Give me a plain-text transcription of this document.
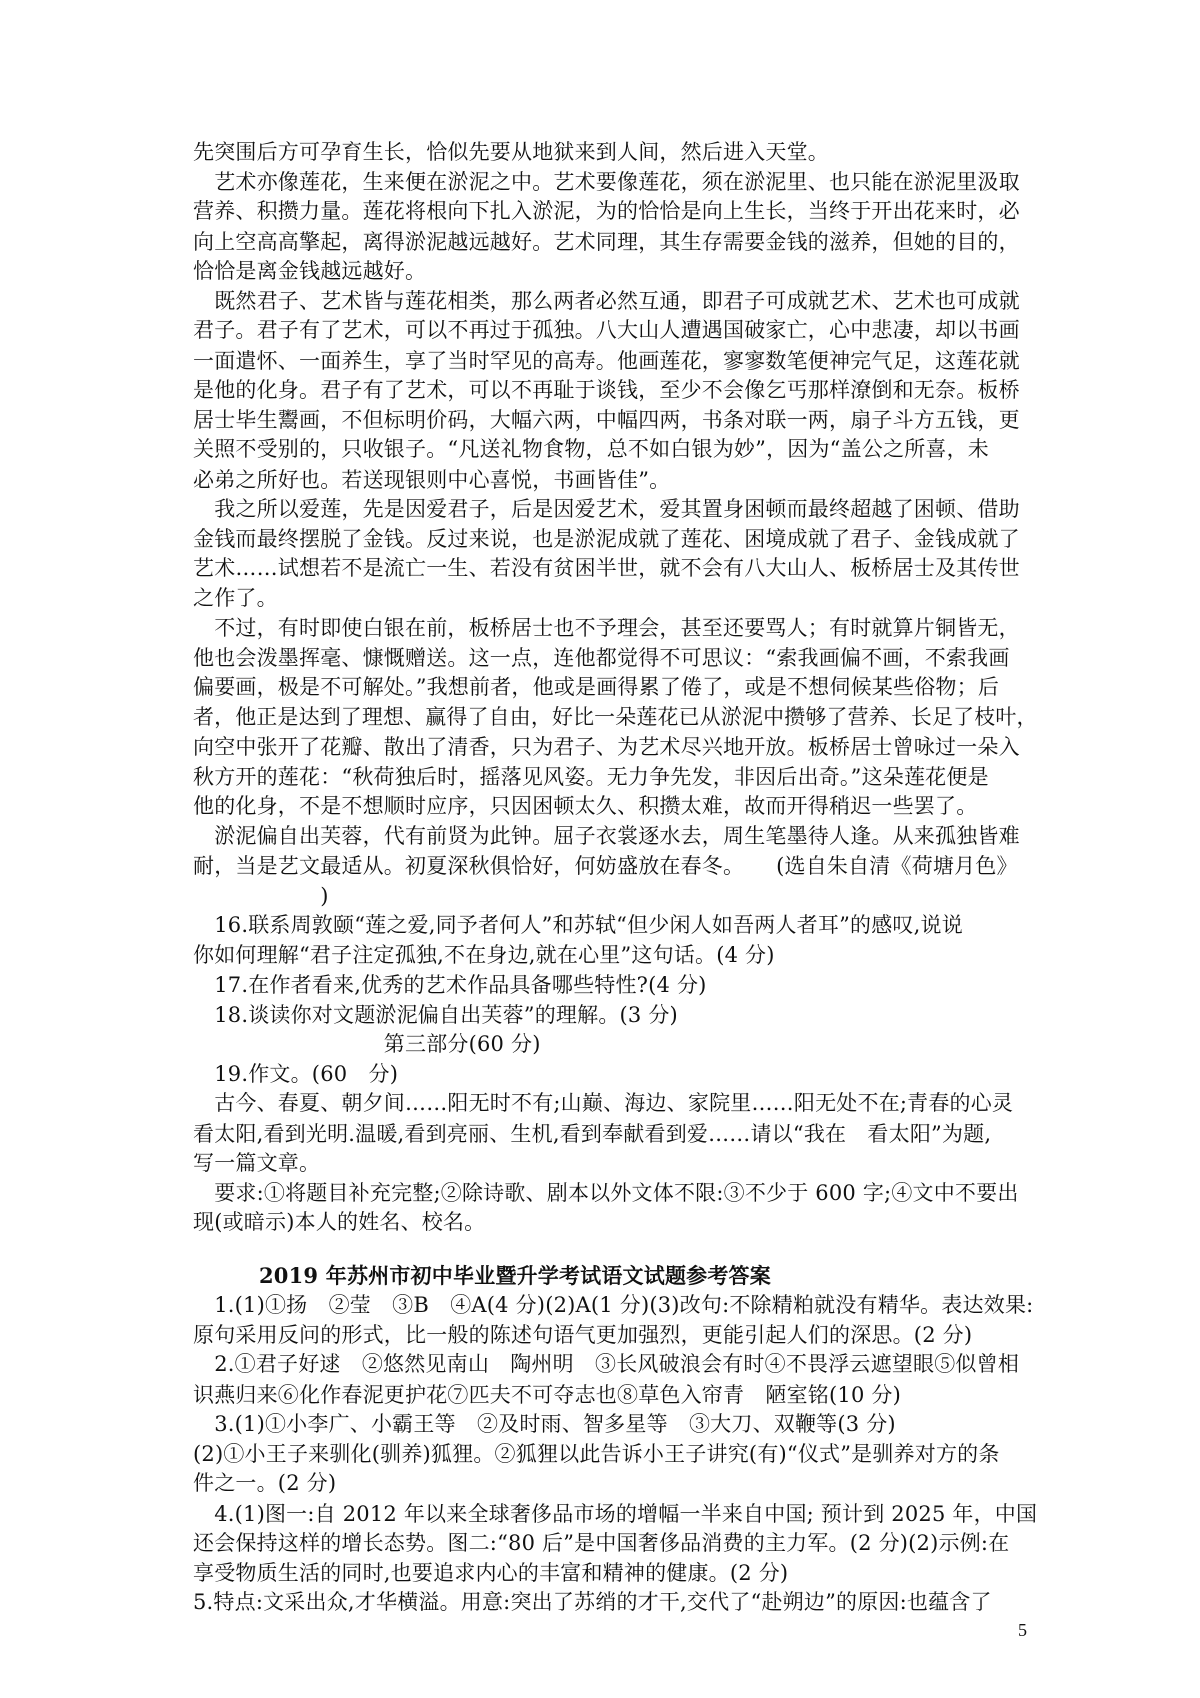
先突围后方可孕育生长，恰似先要从地狱来到人间，然后进入天堂。
　艺术亦像莲花，生来便在淤泥之中。艺术要像莲花，须在淤泥里、也只能在淤泥里汲取
营养、积攒力量。莲花将根向下扎入淤泥，为的恰恰是向上生长，当终于开出花来时，必
向上空高高擎起，离得淤泥越远越好。艺术同理，其生存需要金钱的滋养，但她的目的，
恰恰是离金钱越远越好。
　既然君子、艺术皆与莲花相类，那么两者必然互通，即君子可成就艺术、艺术也可成就
君子。君子有了艺术，可以不再过于孤独。八大山人遭遇国破家亡，心中悲凄，却以书画
一面遣怀、一面养生，享了当时罕见的高寿。他画莲花，寥寥数笔便神完气足，这莲花就
是他的化身。君子有了艺术，可以不再耻于谈钱，至少不会像乞丐那样潦倒和无奈。板桥
居士毕生鬻画，不但标明价码，大幅六两，中幅四两，书条对联一两，扇子斗方五钱，更
关照不受别的，只收银子。“凡送礼物食物，总不如白银为妙”，因为“盖公之所喜，未
必弟之所好也。若送现银则中心喜悦，书画皆佳”。
　我之所以爱莲，先是因爱君子，后是因爱艺术，爱其置身困顿而最终超越了困顿、借助
金钱而最终摆脱了金钱。反过来说，也是淤泥成就了莲花、困境成就了君子、金钱成就了
艺术……试想若不是流亡一生、若没有贫困半世，就不会有八大山人、板桥居士及其传世
之作了。
　不过，有时即使白银在前，板桥居士也不予理会，甚至还要骂人；有时就算片铜皆无，
他也会泼墨挥毫、慷慨赠送。这一点，连他都觉得不可思议：“索我画偏不画，不索我画
偏要画，极是不可解处。”我想前者，他或是画得累了倦了，或是不想伺候某些俗物；后
者，他正是达到了理想、赢得了自由，好比一朵莲花已从淤泥中攒够了营养、长足了枝叶，
向空中张开了花瓣、散出了清香，只为君子、为艺术尽兴地开放。板桥居士曾咏过一朵入
秋方开的莲花：“秋荷独后时，摇落见风姿。无力争先发，非因后出奇。”这朵莲花便是
他的化身，不是不想顺时应序，只因困顿太久、积攒太难，故而开得稍迟一些罢了。
　淤泥偏自出芙蓉，代有前贤为此钟。屈子衣裳逐水去，周生笔墨待人逢。从来孤独皆难
耐，当是艺文最适从。初夏深秋俱恰好，何妨盛放在春冬。　　(选自朱自清《荷塘月色》
　　　　　　)
　16.联系周敦颐“莲之爱,同予者何人”和苏轼“但少闲人如吾两人者耳”的感叹,说说
你如何理解“君子注定孤独,不在身边,就在心里”这句话。(4 分)
　17.在作者看来,优秀的艺术作品具备哪些特性?(4 分)
　18.谈读你对文题淤泥偏自出芙蓉”的理解。(3 分)
　　　　　　　　　第三部分(60 分)
　19.作文。(60　分)
　古今、春夏、朝夕间……阳无时不有;山巅、海边、家院里……阳无处不在;青春的心灵
看太阳,看到光明.温暖,看到亮丽、生机,看到奉献看到爱……请以“我在　看太阳”为题,
写一篇文章。
　要求:①将题目补充完整;②除诗歌、剧本以外文体不限:③不少于 600 字;④文中不要出
现(或暗示)本人的姓名、校名。
2019 年苏州市初中毕业暨升学考试语文试题参考答案
　1.(1)①扬　②莹　③B　④A(4 分)(2)A(1 分)(3)改句:不除精粕就没有精华。表达效果:
原句采用反问的形式，比一般的陈述句语气更加强烈，更能引起人们的深思。(2 分)
　2.①君子好逑　②悠然见南山　陶州明　③长风破浪会有时④不畏浮云遮望眼⑤似曾相
识燕归来⑥化作春泥更护花⑦匹夫不可夺志也⑧草色入帘青　陋室铭(10 分)
　3.(1)①小李广、小霸王等　②及时雨、智多星等　③大刀、双鞭等(3 分)
(2)①小王子来驯化(驯养)狐狸。②狐狸以此告诉小王子讲究(有)“仪式”是驯养对方的条
件之一。(2 分)
　4.(1)图一:自 2012 年以来全球奢侈品市场的增幅一半来自中国; 预计到 2025 年，中国
还会保持这样的增长态势。图二:“80 后”是中国奢侈品消费的主力军。(2 分)(2)示例:在
享受物质生活的同时,也要追求内心的丰富和精神的健康。(2 分)
5.特点:文采出众,才华横溢。用意:突出了苏绡的才干,交代了“赴朔边”的原因:也蕴含了
5
